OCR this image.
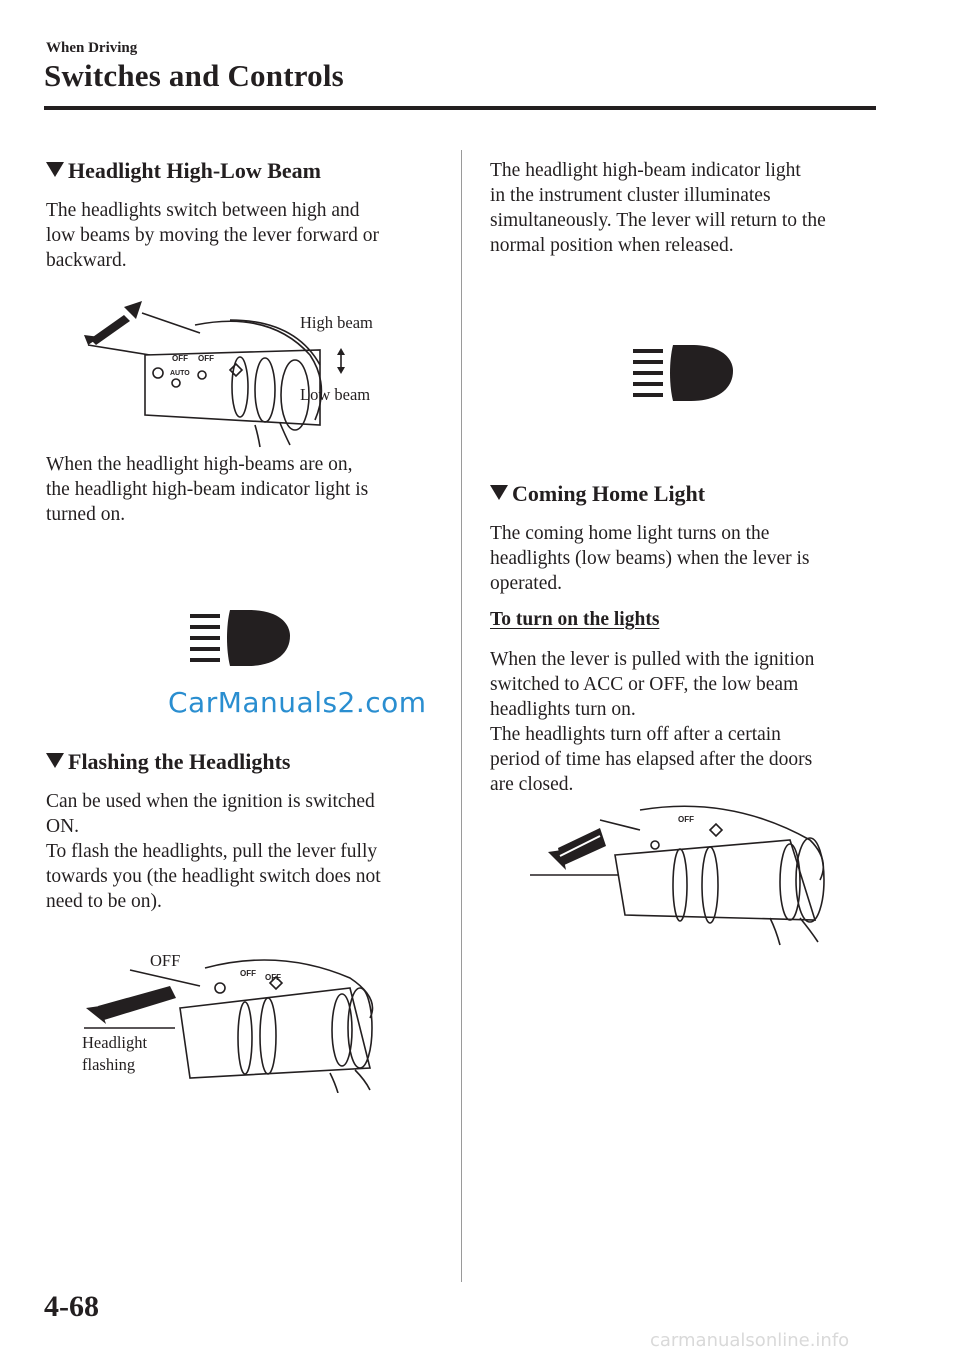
When Driving
Switches and Controls
Headlight High-Low Beam
The headlights switch between high and
low beams by moving the lever forward or
backward.
OFF OFF
AUTO
High beam
Low beam
When the headlight high-beams are on,
the headlight high-beam indicator light is
turned on.
CarManuals2.com
Flashing the Headlights
Can be used when the ignition is switched
ON.
To flash the headlights, pull the lever fully
towards you (the headlight switch does not
need to be on).
OFF OFF
OFF
Headlight
flashing
The headlight high-beam indicator light
in the instrument cluster illuminates
simultaneously. The lever will return to the
normal position when released.
Coming Home Light
The coming home light turns on the
headlights (low beams) when the lever is
operated.
To turn on the lights
When the lever is pulled with the ignition
switched to ACC or OFF, the low beam
headlights turn on.
The headlights turn off after a certain
period of time has elapsed after the doors
are closed.
OFF
4-68
carmanualsonline.info
